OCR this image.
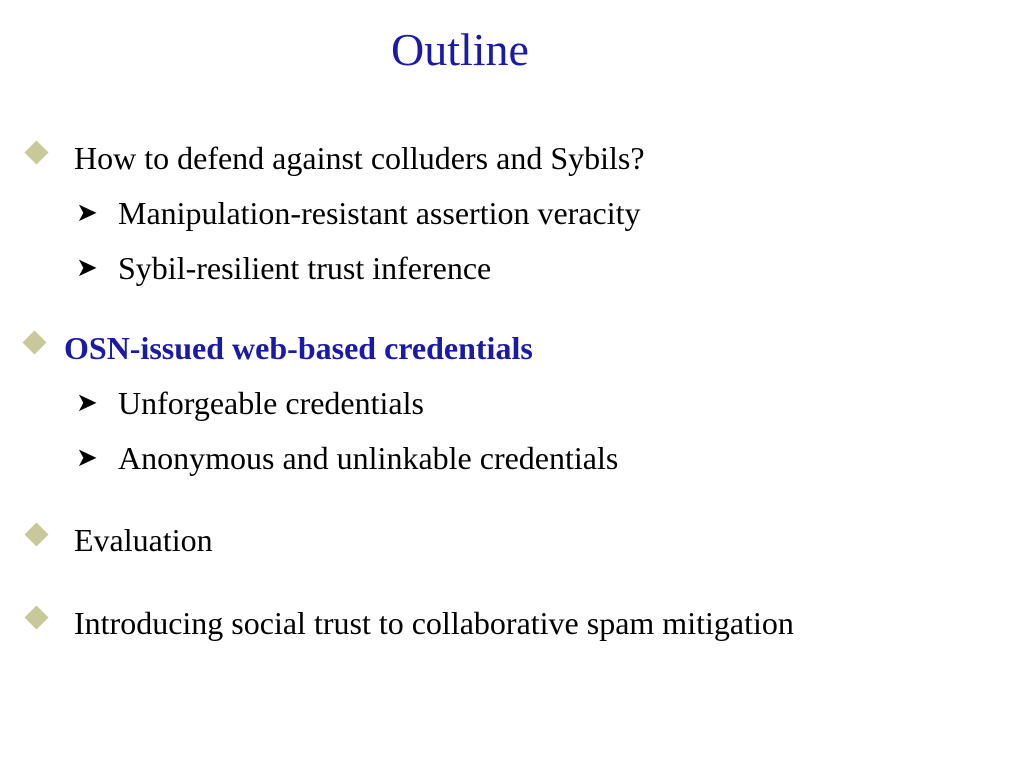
Outline
How to defend against colluders and Sybils?
➤ Manipulation-resistant assertion veracity
➤ Sybil-resilient trust inference
OSN-issued web-based credentials
➤ Unforgeable credentials
➤ Anonymous and unlinkable credentials
Evaluation
Introducing social trust to collaborative spam mitigation
